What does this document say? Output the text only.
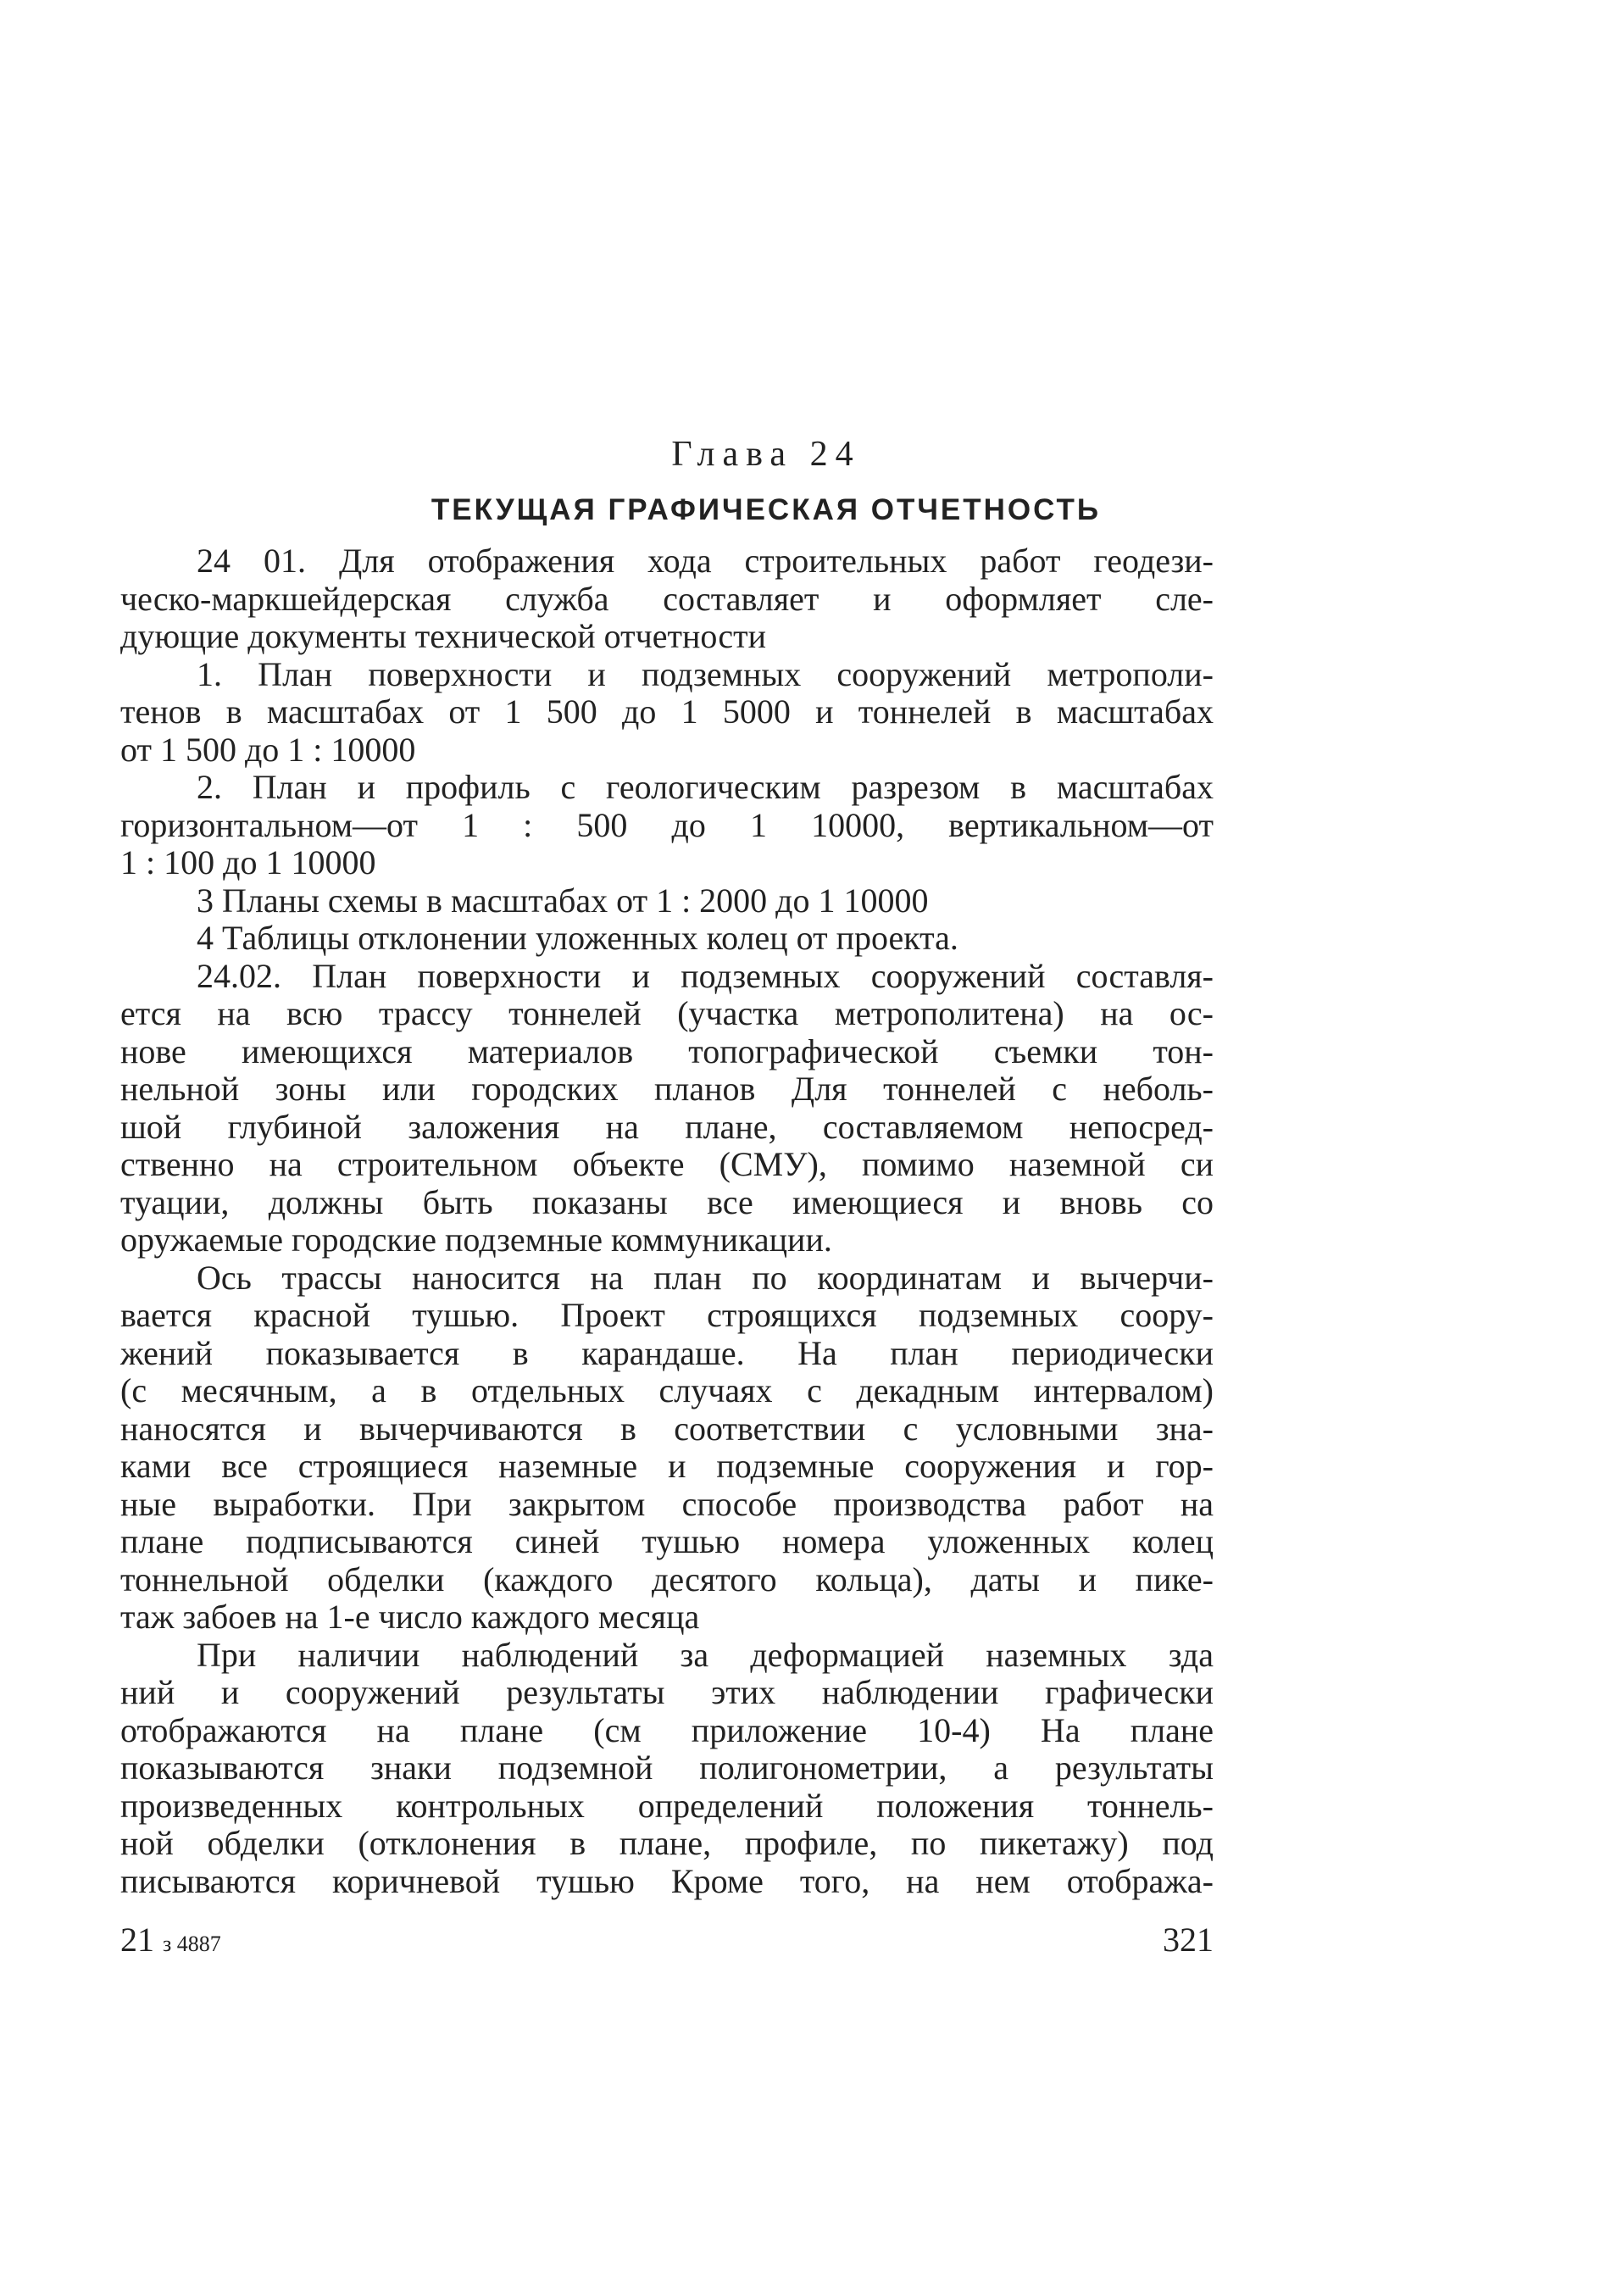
Глава 24
ТЕКУЩАЯ ГРАФИЧЕСКАЯ ОТЧЕТНОСТЬ
24 01. Для отображения хода строительных работ геодези-
ческо-маркшейдерская служба составляет и оформляет сле-
дующие документы технической отчетности
1. План поверхности и подземных сооружений метрополи-
тенов в масштабах от 1 500 до 1 5000 и тоннелей в масштабах
от 1 500 до 1 : 10000
2. План и профиль с геологическим разрезом в масштабах
горизонтальном—от 1 : 500 до 1 10000, вертикальном—от
1 : 100 до 1 10000
3 Планы схемы в масштабах от 1 : 2000 до 1 10000
4 Таблицы отклонении уложенных колец от проекта.
24.02. План поверхности и подземных сооружений составля-
ется на всю трассу тоннелей (участка метрополитена) на ос-
нове имеющихся материалов топографической съемки тон-
нельной зоны или городских планов Для тоннелей с неболь-
шой глубиной заложения на плане, составляемом непосред-
ственно на строительном объекте (СМУ), помимо наземной си
туации, должны быть показаны все имеющиеся и вновь со
оружаемые городские подземные коммуникации.
Ось трассы наносится на план по координатам и вычерчи-
вается красной тушью. Проект строящихся подземных соору-
жений показывается в карандаше. На план периодически
(с месячным, а в отдельных случаях с декадным интервалом)
наносятся и вычерчиваются в соответствии с условными зна-
ками все строящиеся наземные и подземные сооружения и гор-
ные выработки. При закрытом способе производства работ на
плане подписываются синей тушью номера уложенных колец
тоннельной обделки (каждого десятого кольца), даты и пике-
таж забоев на 1-е число каждого месяца
При наличии наблюдений за деформацией наземных зда
ний и сооружений результаты этих наблюдении графически
отображаются на плане (см приложение 10-4) На плане
показываются знаки подземной полигонометрии, а результаты
произведенных контрольных определений положения тоннель-
ной обделки (отклонения в плане, профиле, по пикетажу) под
писываются коричневой тушью Кроме того, на нем отобража-
21 з 4887	321
